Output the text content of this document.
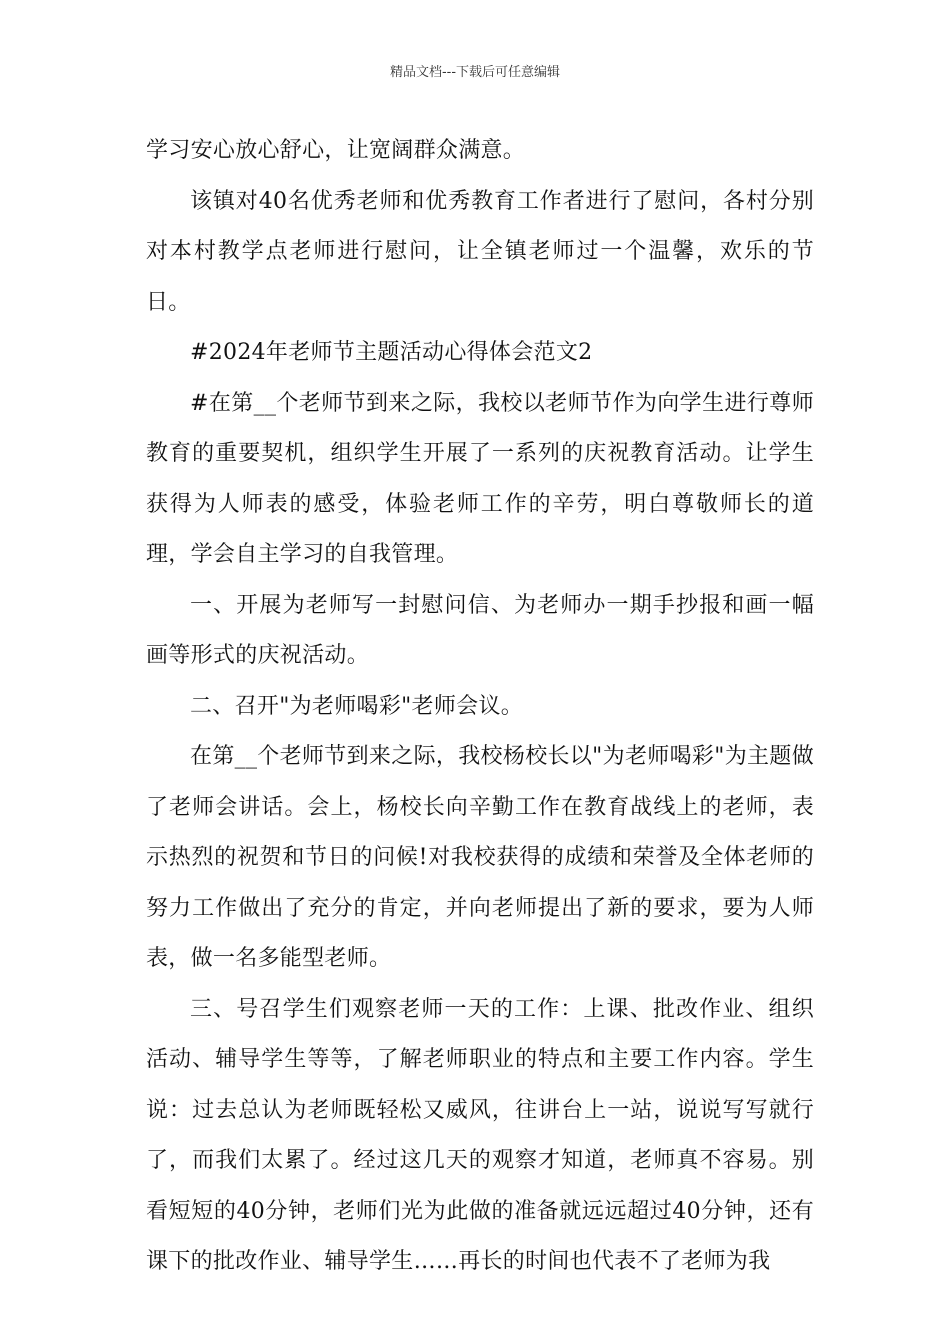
精品文档---下载后可任意编辑

学习安心放心舒心，让宽阔群众满意。

该镇对40名优秀老师和优秀教育工作者进行了慰问，各村分别对本村教学点老师进行慰问，让全镇老师过一个温馨，欢乐的节日。

#2024年老师节主题活动心得体会范文2

#在第__个老师节到来之际，我校以老师节作为向学生进行尊师教育的重要契机，组织学生开展了一系列的庆祝教育活动。让学生获得为人师表的感受，体验老师工作的辛劳，明白尊敬师长的道理，学会自主学习的自我管理。

一、开展为老师写一封慰问信、为老师办一期手抄报和画一幅画等形式的庆祝活动。

二、召开"为老师喝彩"老师会议。

在第__个老师节到来之际，我校杨校长以"为老师喝彩"为主题做了老师会讲话。会上，杨校长向辛勤工作在教育战线上的老师，表示热烈的祝贺和节日的问候!对我校获得的成绩和荣誉及全体老师的努力工作做出了充分的肯定，并向老师提出了新的要求，要为人师表，做一名多能型老师。

三、号召学生们观察老师一天的工作：上课、批改作业、组织活动、辅导学生等等，了解老师职业的特点和主要工作内容。学生说：过去总认为老师既轻松又威风，往讲台上一站，说说写写就行了，而我们太累了。经过这几天的观察才知道，老师真不容易。别看短短的40分钟，老师们光为此做的准备就远远超过40分钟，还有课下的批改作业、辅导学生……再长的时间也代表不了老师为我
